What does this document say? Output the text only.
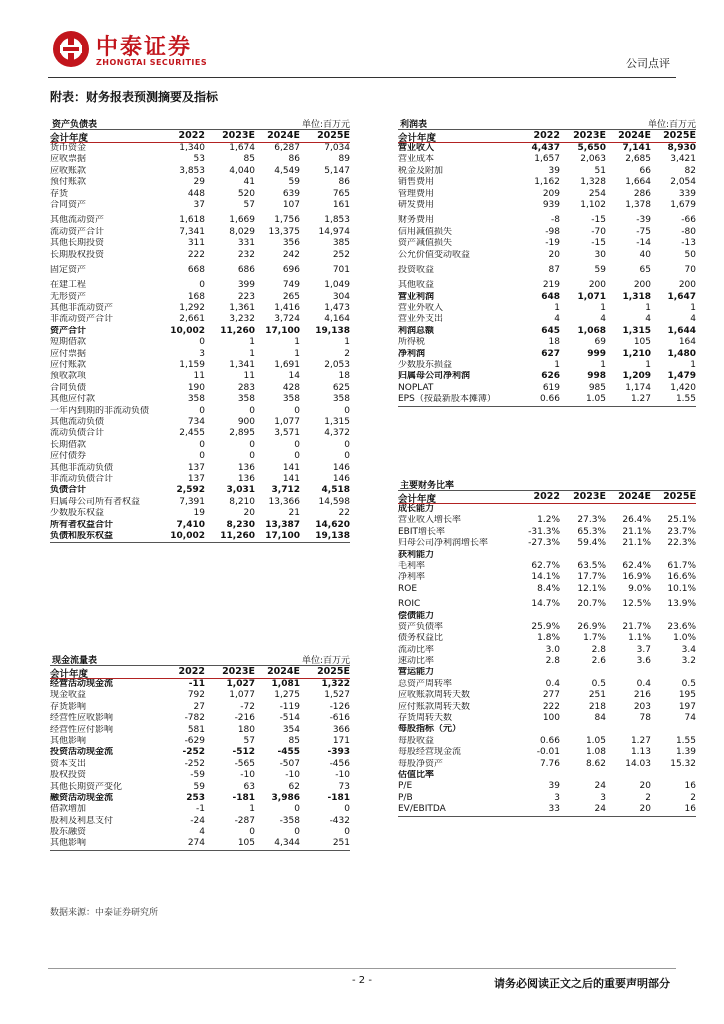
中泰证券
ZHONGTAI SECURITIES	公司点评
附表：财务报表预测摘要及指标
资产负债表	单位:百万元
会计年度	2022	2023E	2024E	2025E
货币资金	1,340	1,674	6,287	7,034
应收票据	53	85	86	89
应收账款	3,853	4,040	4,549	5,147
预付账款	29	41	59	86
存货	448	520	639	765
合同资产	37	57	107	161
其他流动资产	1,618	1,669	1,756	1,853
流动资产合计	7,341	8,029	13,375	14,974
其他长期投资	311	331	356	385
长期股权投资	222	232	242	252
固定资产	668	686	696	701
在建工程	0	399	749	1,049
无形资产	168	223	265	304
其他非流动资产	1,292	1,361	1,416	1,473
非流动资产合计	2,661	3,232	3,724	4,164
资产合计	10,002	11,260	17,100	19,138
短期借款	0	1	1	1
应付票据	3	1	1	2
应付账款	1,159	1,341	1,691	2,053
预收款项	11	11	14	18
合同负债	190	283	428	625
其他应付款	358	358	358	358
一年内到期的非流动负债	0	0	0	0
其他流动负债	734	900	1,077	1,315
流动负债合计	2,455	2,895	3,571	4,372
长期借款	0	0	0	0
应付债券	0	0	0	0
其他非流动负债	137	136	141	146
非流动负债合计	137	136	141	146
负债合计	2,592	3,031	3,712	4,518
归属母公司所有者权益	7,391	8,210	13,366	14,598
少数股东权益	19	20	21	22
所有者权益合计	7,410	8,230	13,387	14,620
负债和股东权益	10,002	11,260	17,100	19,138
利润表	单位:百万元
会计年度	2022	2023E	2024E	2025E
营业收入	4,437	5,650	7,141	8,930
营业成本	1,657	2,063	2,685	3,421
税金及附加	39	51	66	82
销售费用	1,162	1,328	1,664	2,054
管理费用	209	254	286	339
研发费用	939	1,102	1,378	1,679
财务费用	-8	-15	-39	-66
信用减值损失	-98	-70	-75	-80
资产减值损失	-19	-15	-14	-13
公允价值变动收益	20	30	40	50
投资收益	87	59	65	70
其他收益	219	200	200	200
营业利润	648	1,071	1,318	1,647
营业外收入	1	1	1	1
营业外支出	4	4	4	4
利润总额	645	1,068	1,315	1,644
所得税	18	69	105	164
净利润	627	999	1,210	1,480
少数股东损益	1	1	1	1
归属母公司净利润	626	998	1,209	1,479
NOPLAT	619	985	1,174	1,420
EPS（按最新股本摊薄）	0.66	1.05	1.27	1.55
主要财务比率
会计年度	2022	2023E	2024E	2025E
成长能力
营业收入增长率	1.2%	27.3%	26.4%	25.1%
EBIT增长率	-31.3%	65.3%	21.1%	23.7%
归母公司净利润增长率	-27.3%	59.4%	21.1%	22.3%
获利能力
毛利率	62.7%	63.5%	62.4%	61.7%
净利率	14.1%	17.7%	16.9%	16.6%
ROE	8.4%	12.1%	9.0%	10.1%
ROIC	14.7%	20.7%	12.5%	13.9%
偿债能力
资产负债率	25.9%	26.9%	21.7%	23.6%
债务权益比	1.8%	1.7%	1.1%	1.0%
流动比率	3.0	2.8	3.7	3.4
速动比率	2.8	2.6	3.6	3.2
营运能力
总资产周转率	0.4	0.5	0.4	0.5
应收账款周转天数	277	251	216	195
应付账款周转天数	222	218	203	197
存货周转天数	100	84	78	74
每股指标（元）
每股收益	0.66	1.05	1.27	1.55
每股经营现金流	-0.01	1.08	1.13	1.39
每股净资产	7.76	8.62	14.03	15.32
估值比率
P/E	39	24	20	16
P/B	3	3	2	2
EV/EBITDA	33	24	20	16
现金流量表	单位:百万元
会计年度	2022	2023E	2024E	2025E
经营活动现金流	-11	1,027	1,081	1,322
现金收益	792	1,077	1,275	1,527
存货影响	27	-72	-119	-126
经营性应收影响	-782	-216	-514	-616
经营性应付影响	581	180	354	366
其他影响	-629	57	85	171
投资活动现金流	-252	-512	-455	-393
资本支出	-252	-565	-507	-456
股权投资	-59	-10	-10	-10
其他长期资产变化	59	63	62	73
融资活动现金流	253	-181	3,986	-181
借款增加	-1	1	0	0
股利及利息支付	-24	-287	-358	-432
股东融资	4	0	0	0
其他影响	274	105	4,344	251
数据来源：中泰证券研究所
- 2 -	请务必阅读正文之后的重要声明部分
